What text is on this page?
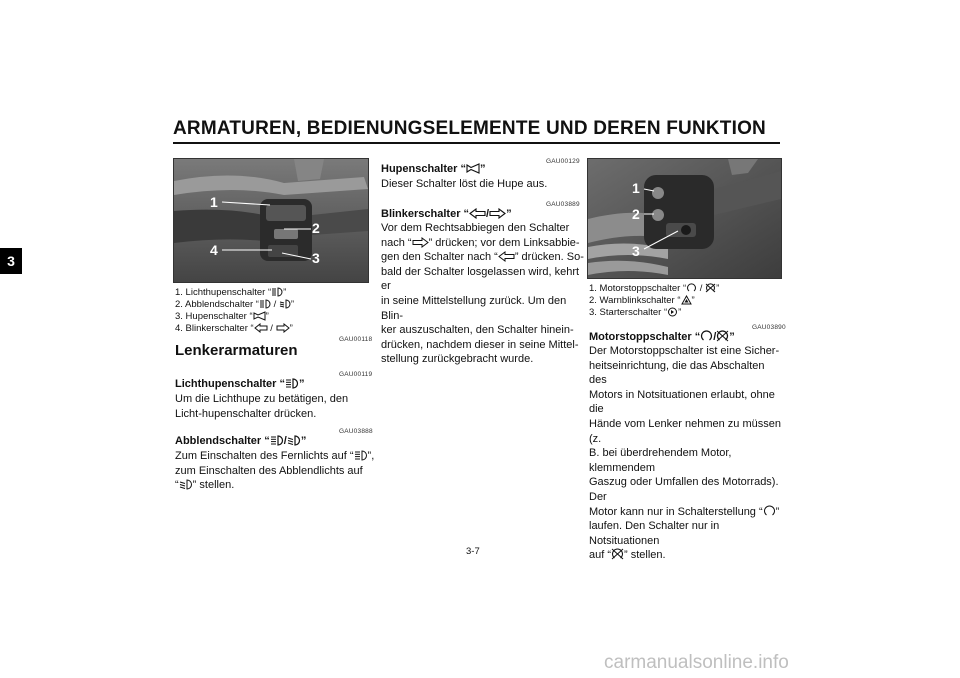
ARMATUREN, BEDIENUNGSELEMENTE UND DEREN FUNKTION
3
1
2
3
4
1. Lichthupenschalter “ ”
2. Abblendschalter “ / ”
3. Hupenschalter “ ”
4. Blinkerschalter “ / ”
GAU00118
Lenkerarmaturen
GAU00119
Lichthupenschalter “ ”
Um die Lichthupe zu betätigen, den Licht-hupenschalter drücken.
GAU03888
Abblendschalter “ / ”
Zum Einschalten des Fernlichts auf “ ”,
zum Einschalten des Abblendlichts auf
“ ” stellen.
GAU00129
Hupenschalter “ ”
Dieser Schalter löst die Hupe aus.
GAU03889
Blinkerschalter “ / ”
Vor dem Rechtsabbiegen den Schalter
nach “ ” drücken; vor dem Linksabbie-
gen den Schalter nach “ ” drücken. So-
bald der Schalter losgelassen wird, kehrt er
in seine Mittelstellung zurück. Um den Blin-
ker auszuschalten, den Schalter hinein-
drücken, nachdem dieser in seine Mittel-
stellung zurückgebracht wurde.
1
2
3
1. Motorstoppschalter “ / ”
2. Warnblinkschalter “ ”
3. Starterschalter “ ”
GAU03890
Motorstoppschalter “ / ”
Der Motorstoppschalter ist eine Sicher-
heitseinrichtung, die das Abschalten des
Motors in Notsituationen erlaubt, ohne die
Hände vom Lenker nehmen zu müssen (z.
B. bei überdrehendem Motor, klemmendem
Gaszug oder Umfallen des Motorrads). Der
Motor kann nur in Schalterstellung “ ”
laufen. Den Schalter nur in Notsituationen
auf “ ” stellen.
3-7
carmanualsonline.info
